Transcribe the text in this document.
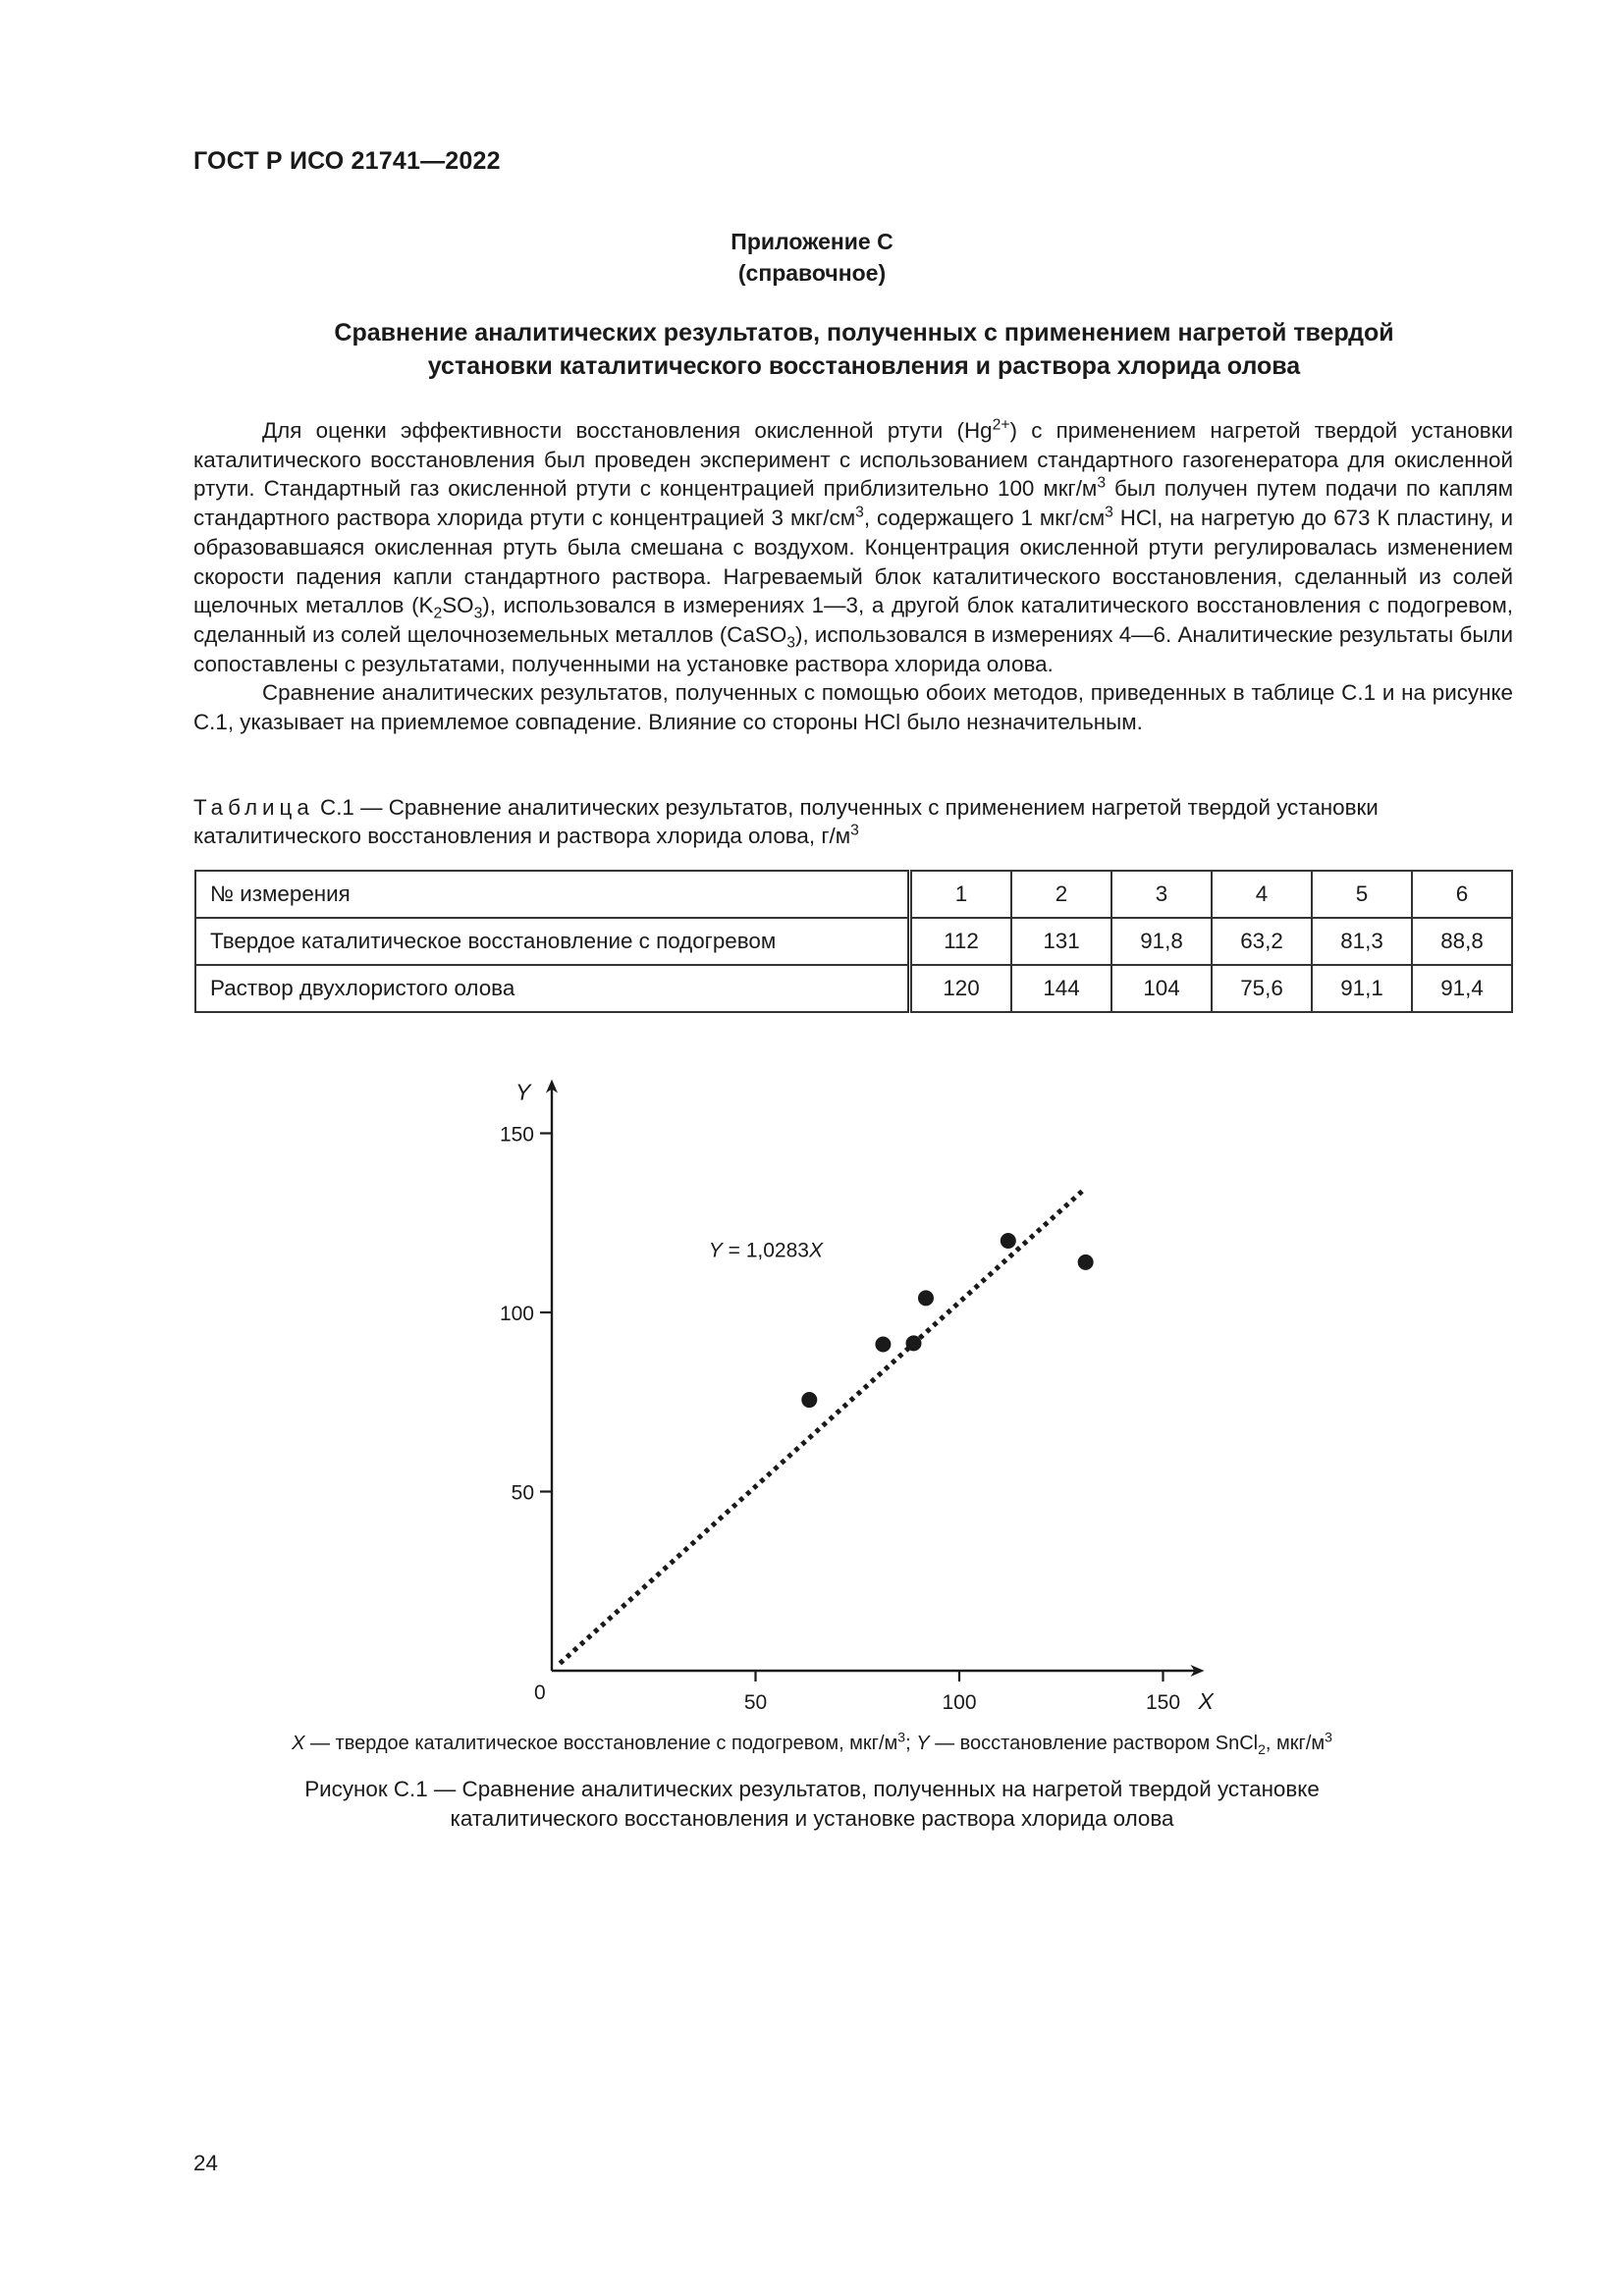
ГОСТ Р ИСО 21741—2022
Приложение С
(справочное)
Сравнение аналитических результатов, полученных с применением нагретой твердой
установки каталитического восстановления и раствора хлорида олова

Для оценки эффективности восстановления окисленной ртути $(Hg^{2+})$ с применением нагретой твердой установки каталитического восстановления был проведен эксперимент с использованием стандартного газогенератора для окисленной ртути. Стандартный газ окисленной ртути с концентрацией приблизительно 100 мкг/$м^3$ был получен путем подачи по каплям стандартного раствора хлорида ртути с концентрацией 3 мкг/$см^3$, содержащего 1 мкг/$см^3$ HCl, на нагретую до 673 К пластину, и образовавшаяся окисленная ртуть была смешана с воздухом. Концентрация окисленной ртути регулировалась изменением скорости падения капли стандартного раствора. Нагреваемый блок каталитического восстановления, сделанный из солей щелочных металлов $(K_2SO_3)$, использовался в измерениях 1—3, а другой блок каталитического восстановления с подогревом, сделанный из солей щелочноземельных металлов (CaSO$_3$), использовался в измерениях 4—6. Аналитические результаты были сопоставлены с результатами, полученными на установке раствора хлорида олова.

Сравнение аналитических результатов, полученных с помощью обоих методов, приведенных в таблице С.1 и на рисунке С.1, указывает на приемлемое совпадение. Влияние со стороны HCl было незначительным.

Таблица С.1 — Сравнение аналитических результатов, полученных с применением нагретой твердой установки каталитического восстановления и раствора хлорида олова, $г/м^3$
№ измерения	1	2	3	4	5	6
Твердое каталитическое восстановление с подогревом	112	131	91,8	63,2	81,3	88,8
Раствор двухлористого олова	120	144	104	75,6	91,1	91,4
X
Y
0	50	100	150
50
100
150
Y = 1,0283X
X — твердое каталитическое восстановление с подогревом, мкг/$м^3$; Y — восстановление раствором SnCl$_2$, мкг/$м^3$
Рисунок С.1 — Сравнение аналитических результатов, полученных на нагретой твердой установке
каталитического восстановления и установке раствора хлорида олова
24
